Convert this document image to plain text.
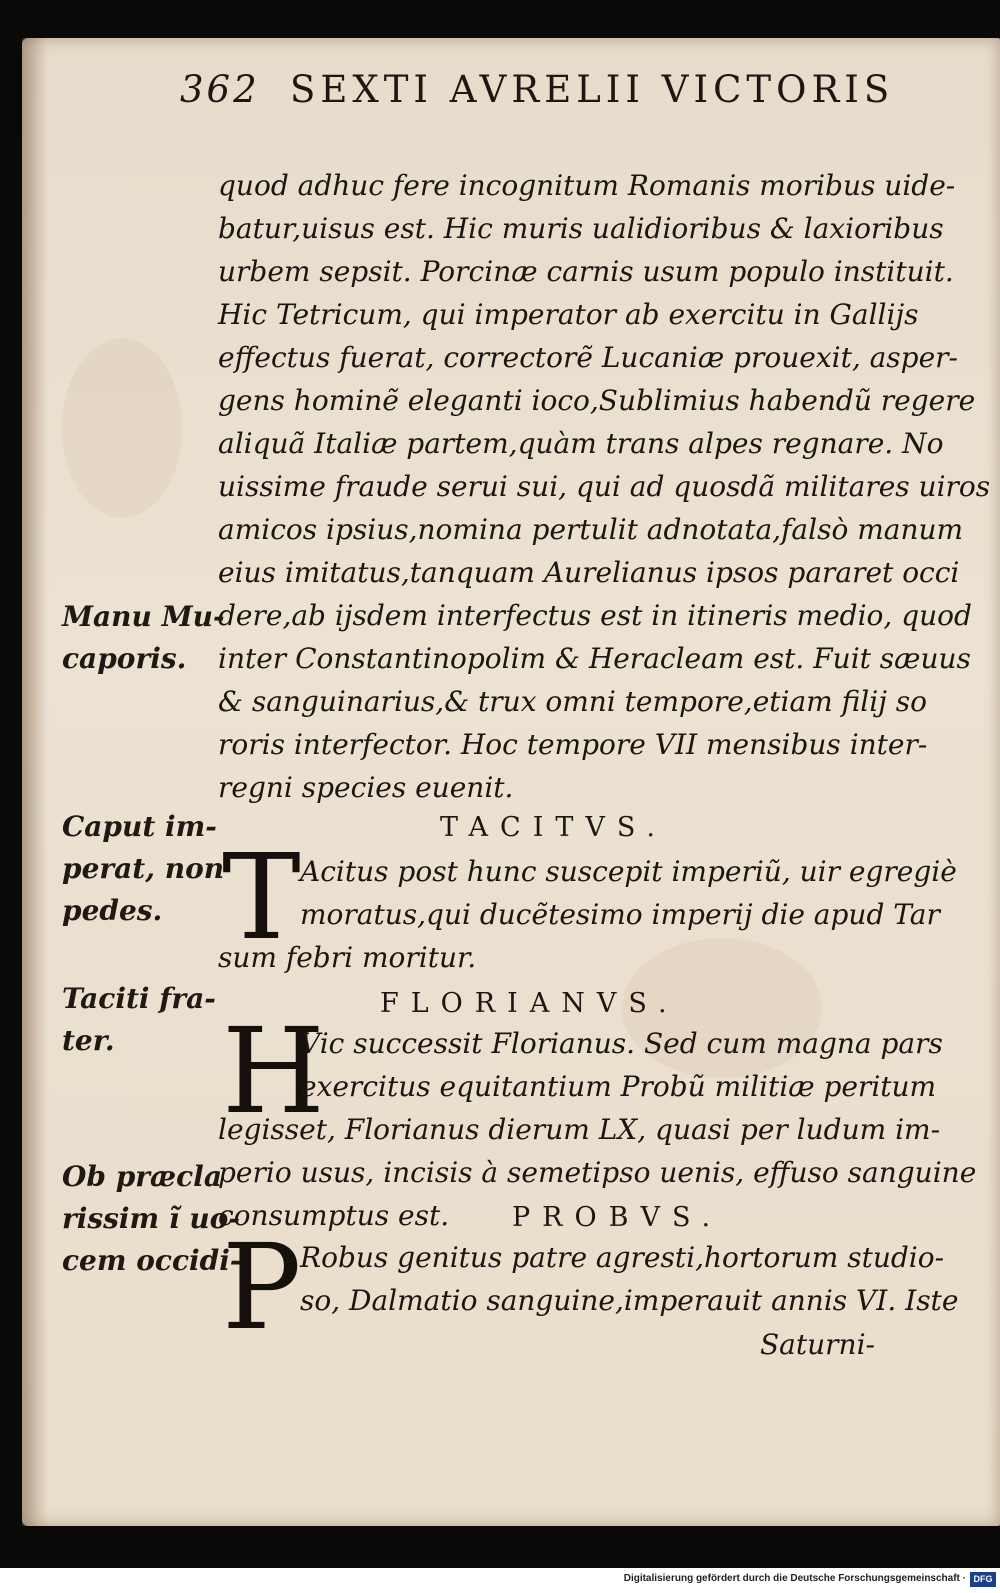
362 SEXTI AVRELII VICTORIS
quod adhuc fere incognitum Romanis moribus uide-
batur,uisus est. Hic muris ualidioribus & laxioribus
urbem sepsit. Porcinæ carnis usum populo instituit.
Hic Tetricum, qui imperator ab exercitu in Gallijs
effectus fuerat, correctorẽ Lucaniæ prouexit, asper-
gens hominẽ eleganti ioco,Sublimius habendũ regere
aliquã Italiæ partem,quàm trans alpes regnare. No
uissime fraude serui sui, qui ad quosdã militares uiros
amicos ipsius,nomina pertulit adnotata,falsò manum
eius imitatus,tanquam Aurelianus ipsos pararet occi
dere,ab ijsdem interfectus est in itineris medio, quod
inter Constantinopolim & Heracleam est. Fuit sæuus
& sanguinarius,& trux omni tempore,etiam filij so
roris interfector. Hoc tempore VII mensibus inter-
regni species euenit.
TACITVS.
T Acitus post hunc suscepit imperiũ, uir egregiè
moratus,qui ducẽtesimo imperij die apud Tar
sum febri moritur.
FLORIANVS.
H
Vic successit Florianus. Sed cum magna pars
exercitus equitantium Probũ militiæ peritum
legisset, Florianus dierum LX, quasi per ludum im-
perio usus, incisis à semetipso uenis, effuso sanguine
consumptus est. PROBVS.
P
Robus genitus patre agresti,hortorum studio-
so, Dalmatio sanguine,imperauit annis VI. Iste
Saturni-
Manu Mu-
caporis.
Caput im-
perat, non
pedes.
Taciti fra-
ter.
Ob præcla
rissim ĩ uo-
cem occidi-
Digitalisierung gefördert durch die Deutsche Forschungsgemeinschaft · DFG
